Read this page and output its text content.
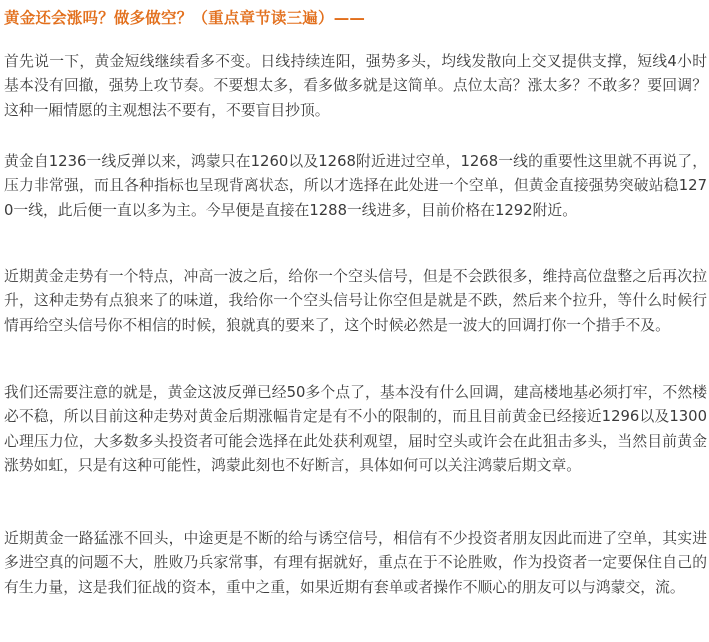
黄金还会涨吗？做多做空？（重点章节读三遍）——

首先说一下，黄金短线继续看多不变。日线持续连阳，强势多头，均线发散向上交叉提供支撑，短线4小时基本没有回撤，强势上攻节奏。不要想太多，看多做多就是这简单。点位太高？涨太多？不敢多？要回调？这种一厢情愿的主观想法不要有，不要盲目抄顶。

黄金自1236一线反弹以来，鸿蒙只在1260以及1268附近进过空单，1268一线的重要性这里就不再说了，压力非常强，而且各种指标也呈现背离状态，所以才选择在此处进一个空单，但黄金直接强势突破站稳1270一线，此后便一直以多为主。今早便是直接在1288一线进多，目前价格在1292附近。

近期黄金走势有一个特点，冲高一波之后，给你一个空头信号，但是不会跌很多，维持高位盘整之后再次拉升，这种走势有点狼来了的味道，我给你一个空头信号让你空但是就是不跌，然后来个拉升，等什么时候行情再给空头信号你不相信的时候，狼就真的要来了，这个时候必然是一波大的回调打你一个措手不及。

我们还需要注意的就是，黄金这波反弹已经50多个点了，基本没有什么回调，建高楼地基必须打牢，不然楼必不稳，所以目前这种走势对黄金后期涨幅肯定是有不小的限制的，而且目前黄金已经接近1296以及1300心理压力位，大多数多头投资者可能会选择在此处获利观望，届时空头或许会在此狙击多头，当然目前黄金涨势如虹，只是有这种可能性，鸿蒙此刻也不好断言，具体如何可以关注鸿蒙后期文章。

近期黄金一路猛涨不回头，中途更是不断的给与诱空信号，相信有不少投资者朋友因此而进了空单，其实进多进空真的问题不大，胜败乃兵家常事，有理有据就好，重点在于不论胜败，作为投资者一定要保住自己的有生力量，这是我们征战的资本，重中之重，如果近期有套单或者操作不顺心的朋友可以与鸿蒙交，流。
